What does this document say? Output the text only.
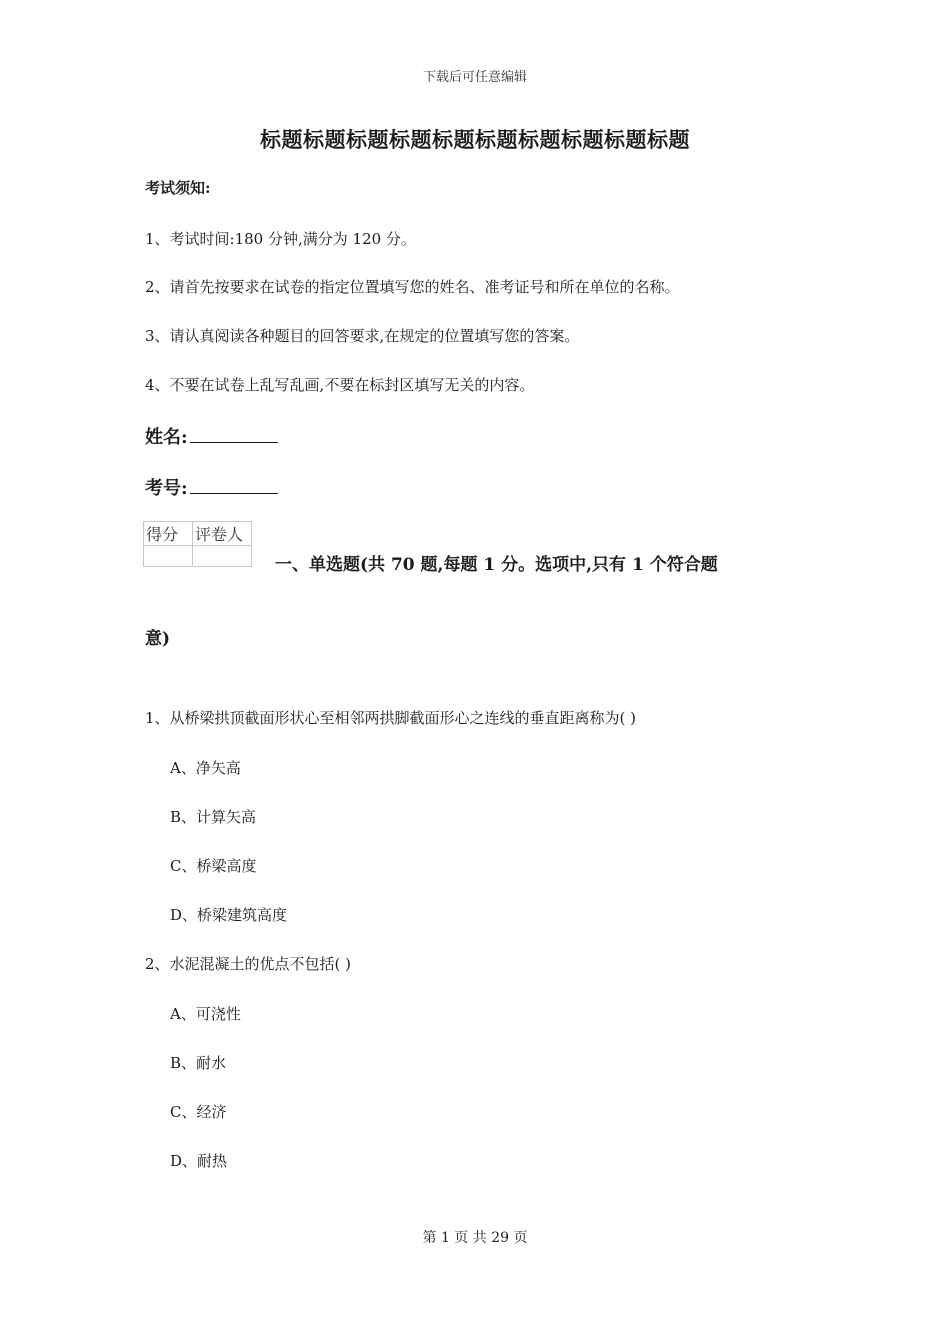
下载后可任意编辑
标题标题标题标题标题标题标题标题标题标题
考试须知:
1、考试时间:180 分钟,满分为 120 分。
2、请首先按要求在试卷的指定位置填写您的姓名、准考证号和所在单位的名称。
3、请认真阅读各种题目的回答要求,在规定的位置填写您的答案。
4、不要在试卷上乱写乱画,不要在标封区填写无关的内容。
姓名:
考号:
得分	评卷人

一、单选题(共 70 题,每题 1 分。选项中,只有 1 个符合题
意)
1、从桥梁拱顶截面形状心至相邻两拱脚截面形心之连线的垂直距离称为( )
A、净矢高
B、计算矢高
C、桥梁高度
D、桥梁建筑高度
2、水泥混凝土的优点不包括( )
A、可浇性
B、耐水
C、经济
D、耐热
第 1 页 共 29 页
